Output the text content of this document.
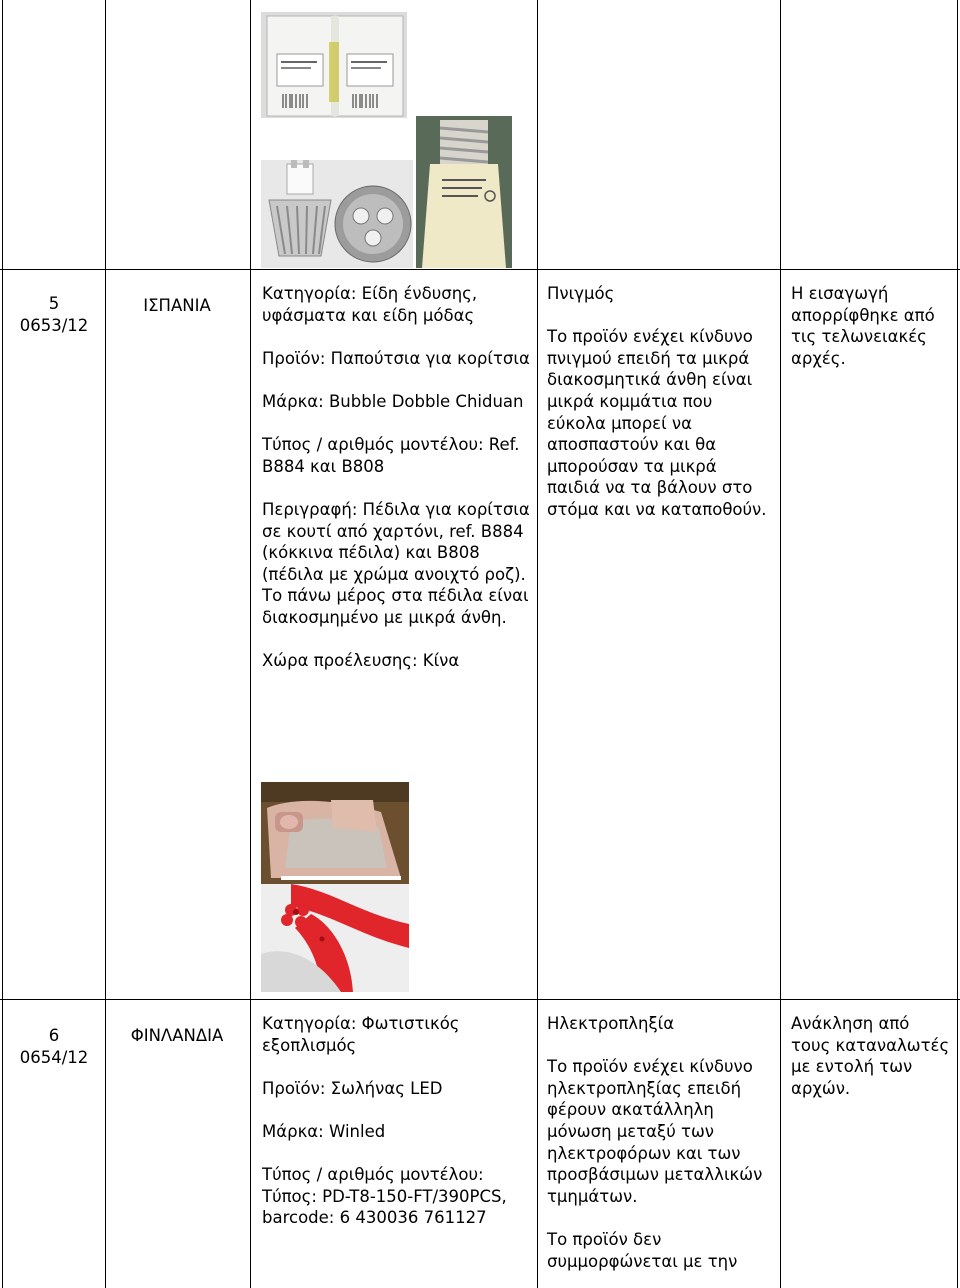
5
0653/12
ΙΣΠΑΝΙΑ

Κατηγορία: Είδη ένδυσης, υφάσματα και είδη μόδας

Προϊόν: Παπούτσια για κορίτσια

Μάρκα: Bubble Dobble Chiduan

Τύπος / αριθμός μοντέλου: Ref. B884 και B808

Περιγραφή: Πέδιλα για κορίτσια σε κουτί από χαρτόνι, ref. B884 (κόκκινα πέδιλα) και B808 (πέδιλα με χρώμα ανοιχτό ροζ). Το πάνω μέρος στα πέδιλα είναι διακοσμημένο με μικρά άνθη.

Χώρα προέλευσης: Κίνα

Πνιγμός

Το προϊόν ενέχει κίνδυνο πνιγμού επειδή τα μικρά διακοσμητικά άνθη είναι μικρά κομμάτια που εύκολα μπορεί να αποσπαστούν και θα μπορούσαν τα μικρά παιδιά να τα βάλουν στο στόμα και να καταποθούν.

Η εισαγωγή απορρίφθηκε από τις τελωνειακές αρχές.

6
0654/12
ΦΙΝΛΑΝΔΙΑ

Κατηγορία: Φωτιστικός εξοπλισμός

Προϊόν: Σωλήνας LED

Μάρκα: Winled

Τύπος / αριθμός μοντέλου: Τύπος: PD-T8-150-FT/390PCS, barcode: 6 430036 761127

Ηλεκτροπληξία

Το προϊόν ενέχει κίνδυνο ηλεκτροπληξίας επειδή φέρουν ακατάλληλη μόνωση μεταξύ των ηλεκτροφόρων και των προσβάσιμων μεταλλικών τμημάτων.

Το προϊόν δεν συμμορφώνεται με την

Ανάκληση από τους καταναλωτές με εντολή των αρχών.
